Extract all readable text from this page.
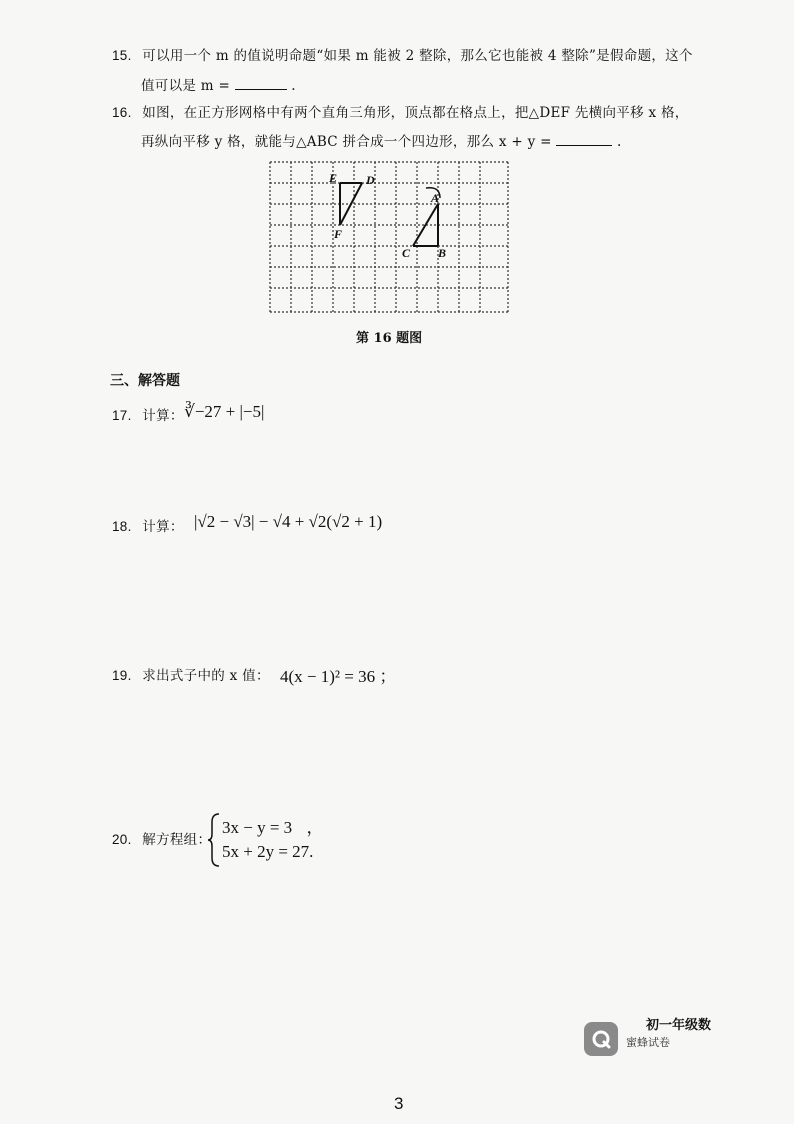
15. 可以用一个 m 的值说明命题“如果 m 能被 2 整除，那么它也能被 4 整除”是假命题，这个
值可以是 m =	.
16. 如图，在正方形网格中有两个直角三角形，顶点都在格点上，把△DEF 先横向平移 x 格，
再纵向平移 y 格，就能与△ABC 拼合成一个四边形，那么 x + y =	.
E D
F
A
C B
第 16 题图
三、解答题
17. 计算： ∛−27 + |−5|
18. 计算： |√2 − √3| − √4 + √2(√2 + 1)
19. 求出式子中的 x 值： 4(x − 1)² = 36 ；
20. 解方程组：
3x − y = 3 ，
5x + 2y = 27.
初一年级数
蜜蜂试卷
3
